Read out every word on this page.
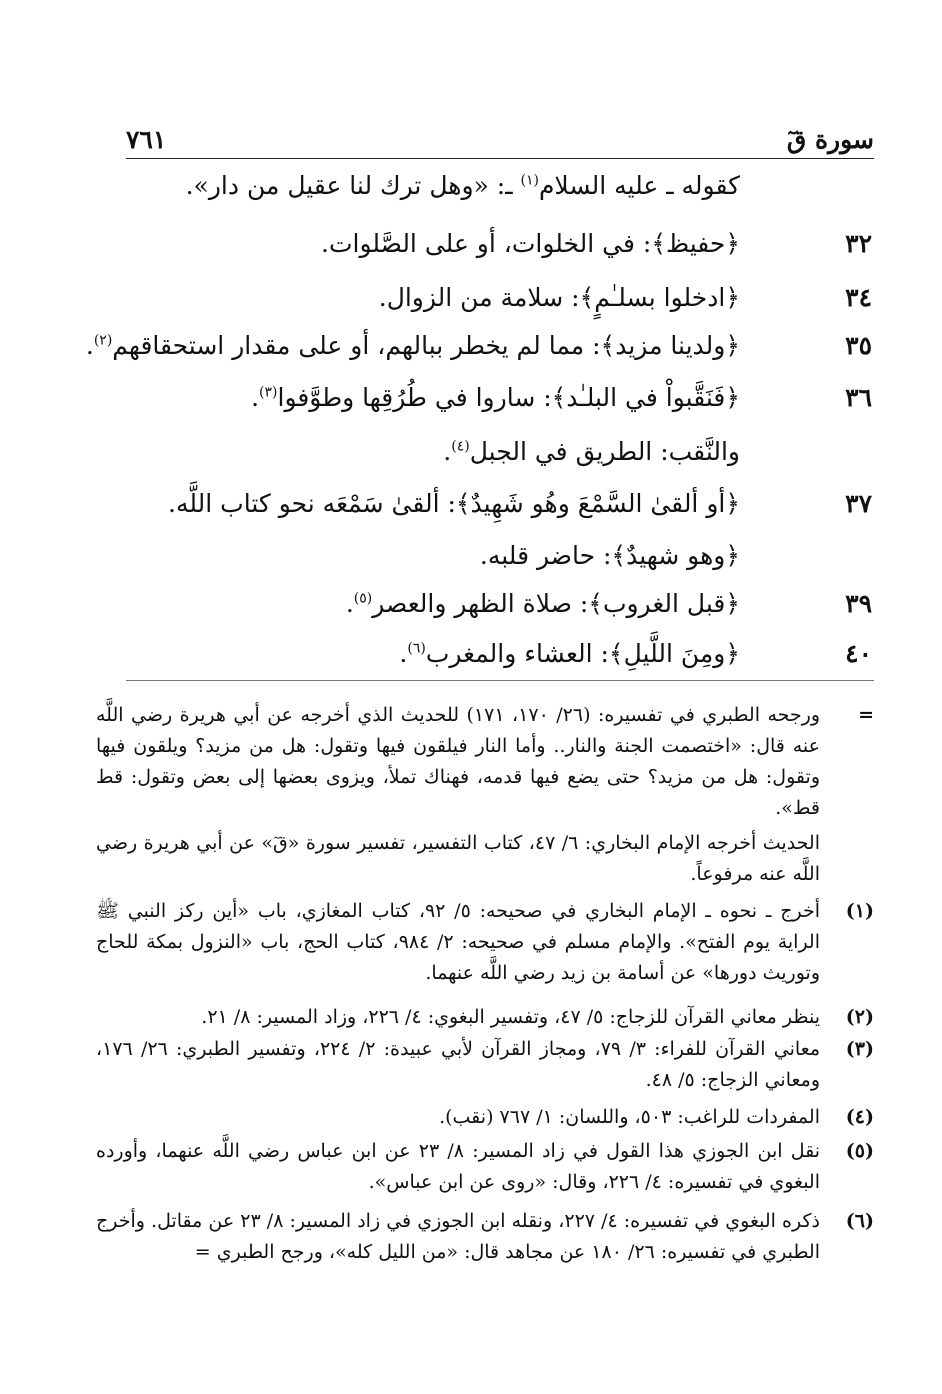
سورة قٓ
٧٦١
كقوله ـ عليه السلام$^{(١)}$ ـ: «وهل ترك لنا عقيل من دار».
٣٢
﴿حفيظ﴾: في الخلوات، أو على الصَّلوات.
٣٤
﴿ادخلوا بسلـٰمٍ﴾: سلامة من الزوال.
٣٥
﴿ولدينا مزيد﴾: مما لم يخطر ببالهم، أو على مقدار استحقاقهم$^{(٢)}$.
٣٦
﴿فَنَقَّبواْ في البلـٰد﴾: ساروا في طُرُقِها وطوَّفوا$^{(٣)}$.
والنَّقب: الطريق في الجبل$^{(٤)}$.
٣٧
﴿أو ألقىٰ السَّمْعَ وهُو شَهِيدٌ﴾: ألقىٰ سَمْعَه نحو كتاب اللَّه.
﴿وهو شهيدٌ﴾: حاضر قلبه.
٣٩
﴿قبل الغروب﴾: صلاة الظهر والعصر$^{(٥)}$.
٤٠
﴿ومِنَ اللَّيلِ﴾: العشاء والمغرب$^{(٦)}$.
=
ورجحه الطبري في تفسيره: (٢٦/ ١٧٠، ١٧١) للحديث الذي أخرجه عن أبي هريرة رضي اللَّه عنه قال: «اختصمت الجنة والنار.. وأما النار فيلقون فيها وتقول: هل من مزيد؟ ويلقون فيها وتقول: هل من مزيد؟ حتى يضع فيها قدمه، فهناك تملأ، ويزوى بعضها إلى بعض وتقول: قط قط».
الحديث أخرجه الإمام البخاري: ٦/ ٤٧، كتاب التفسير، تفسير سورة «قٓ» عن أبي هريرة رضي اللَّه عنه مرفوعاً.
(١)
أخرج ـ نحوه ـ الإمام البخاري في صحيحه: ٥/ ٩٢، كتاب المغازي، باب «أين ركز النبي ﷺ الراية يوم الفتح». والإمام مسلم في صحيحه: ٢/ ٩٨٤، كتاب الحج، باب «النزول بمكة للحاج وتوريث دورها» عن أسامة بن زيد رضي اللَّه عنهما.
(٢)
ينظر معاني القرآن للزجاج: ٥/ ٤٧، وتفسير البغوي: ٤/ ٢٢٦، وزاد المسير: ٨/ ٢١.
(٣)
معاني القرآن للفراء: ٣/ ٧٩، ومجاز القرآن لأبي عبيدة: ٢/ ٢٢٤، وتفسير الطبري: ٢٦/ ١٧٦، ومعاني الزجاج: ٥/ ٤٨.
(٤)
المفردات للراغب: ٥٠٣، واللسان: ١/ ٧٦٧ (نقب).
(٥)
نقل ابن الجوزي هذا القول في زاد المسير: ٨/ ٢٣ عن ابن عباس رضي اللَّه عنهما، وأورده البغوي في تفسيره: ٤/ ٢٢٦، وقال: «روى عن ابن عباس».
(٦)
ذكره البغوي في تفسيره: ٤/ ٢٢٧، ونقله ابن الجوزي في زاد المسير: ٨/ ٢٣ عن مقاتل. وأخرج الطبري في تفسيره: ٢٦/ ١٨٠ عن مجاهد قال: «من الليل كله»، ورجح الطبري =
